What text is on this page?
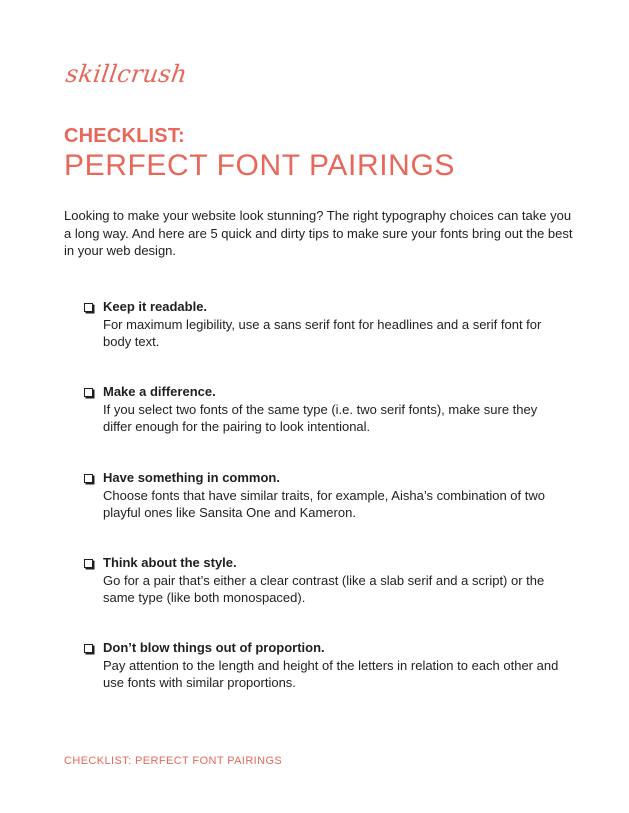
skillcrush
CHECKLIST:
PERFECT FONT PAIRINGS
Looking to make your website look stunning? The right typography choices can take you a long way. And here are 5 quick and dirty tips to make sure your fonts bring out the best in your web design.
Keep it readable.
For maximum legibility, use a sans serif font for headlines and a serif font for body text.
Make a difference.
If you select two fonts of the same type (i.e. two serif fonts), make sure they differ enough for the pairing to look intentional.
Have something in common.
Choose fonts that have similar traits, for example, Aisha’s combination of two playful ones like Sansita One and Kameron.
Think about the style.
Go for a pair that’s either a clear contrast (like a slab serif and a script) or the same type (like both monospaced).
Don’t blow things out of proportion.
Pay attention to the length and height of the letters in relation to each other and use fonts with similar proportions.
CHECKLIST: PERFECT FONT PAIRINGS
